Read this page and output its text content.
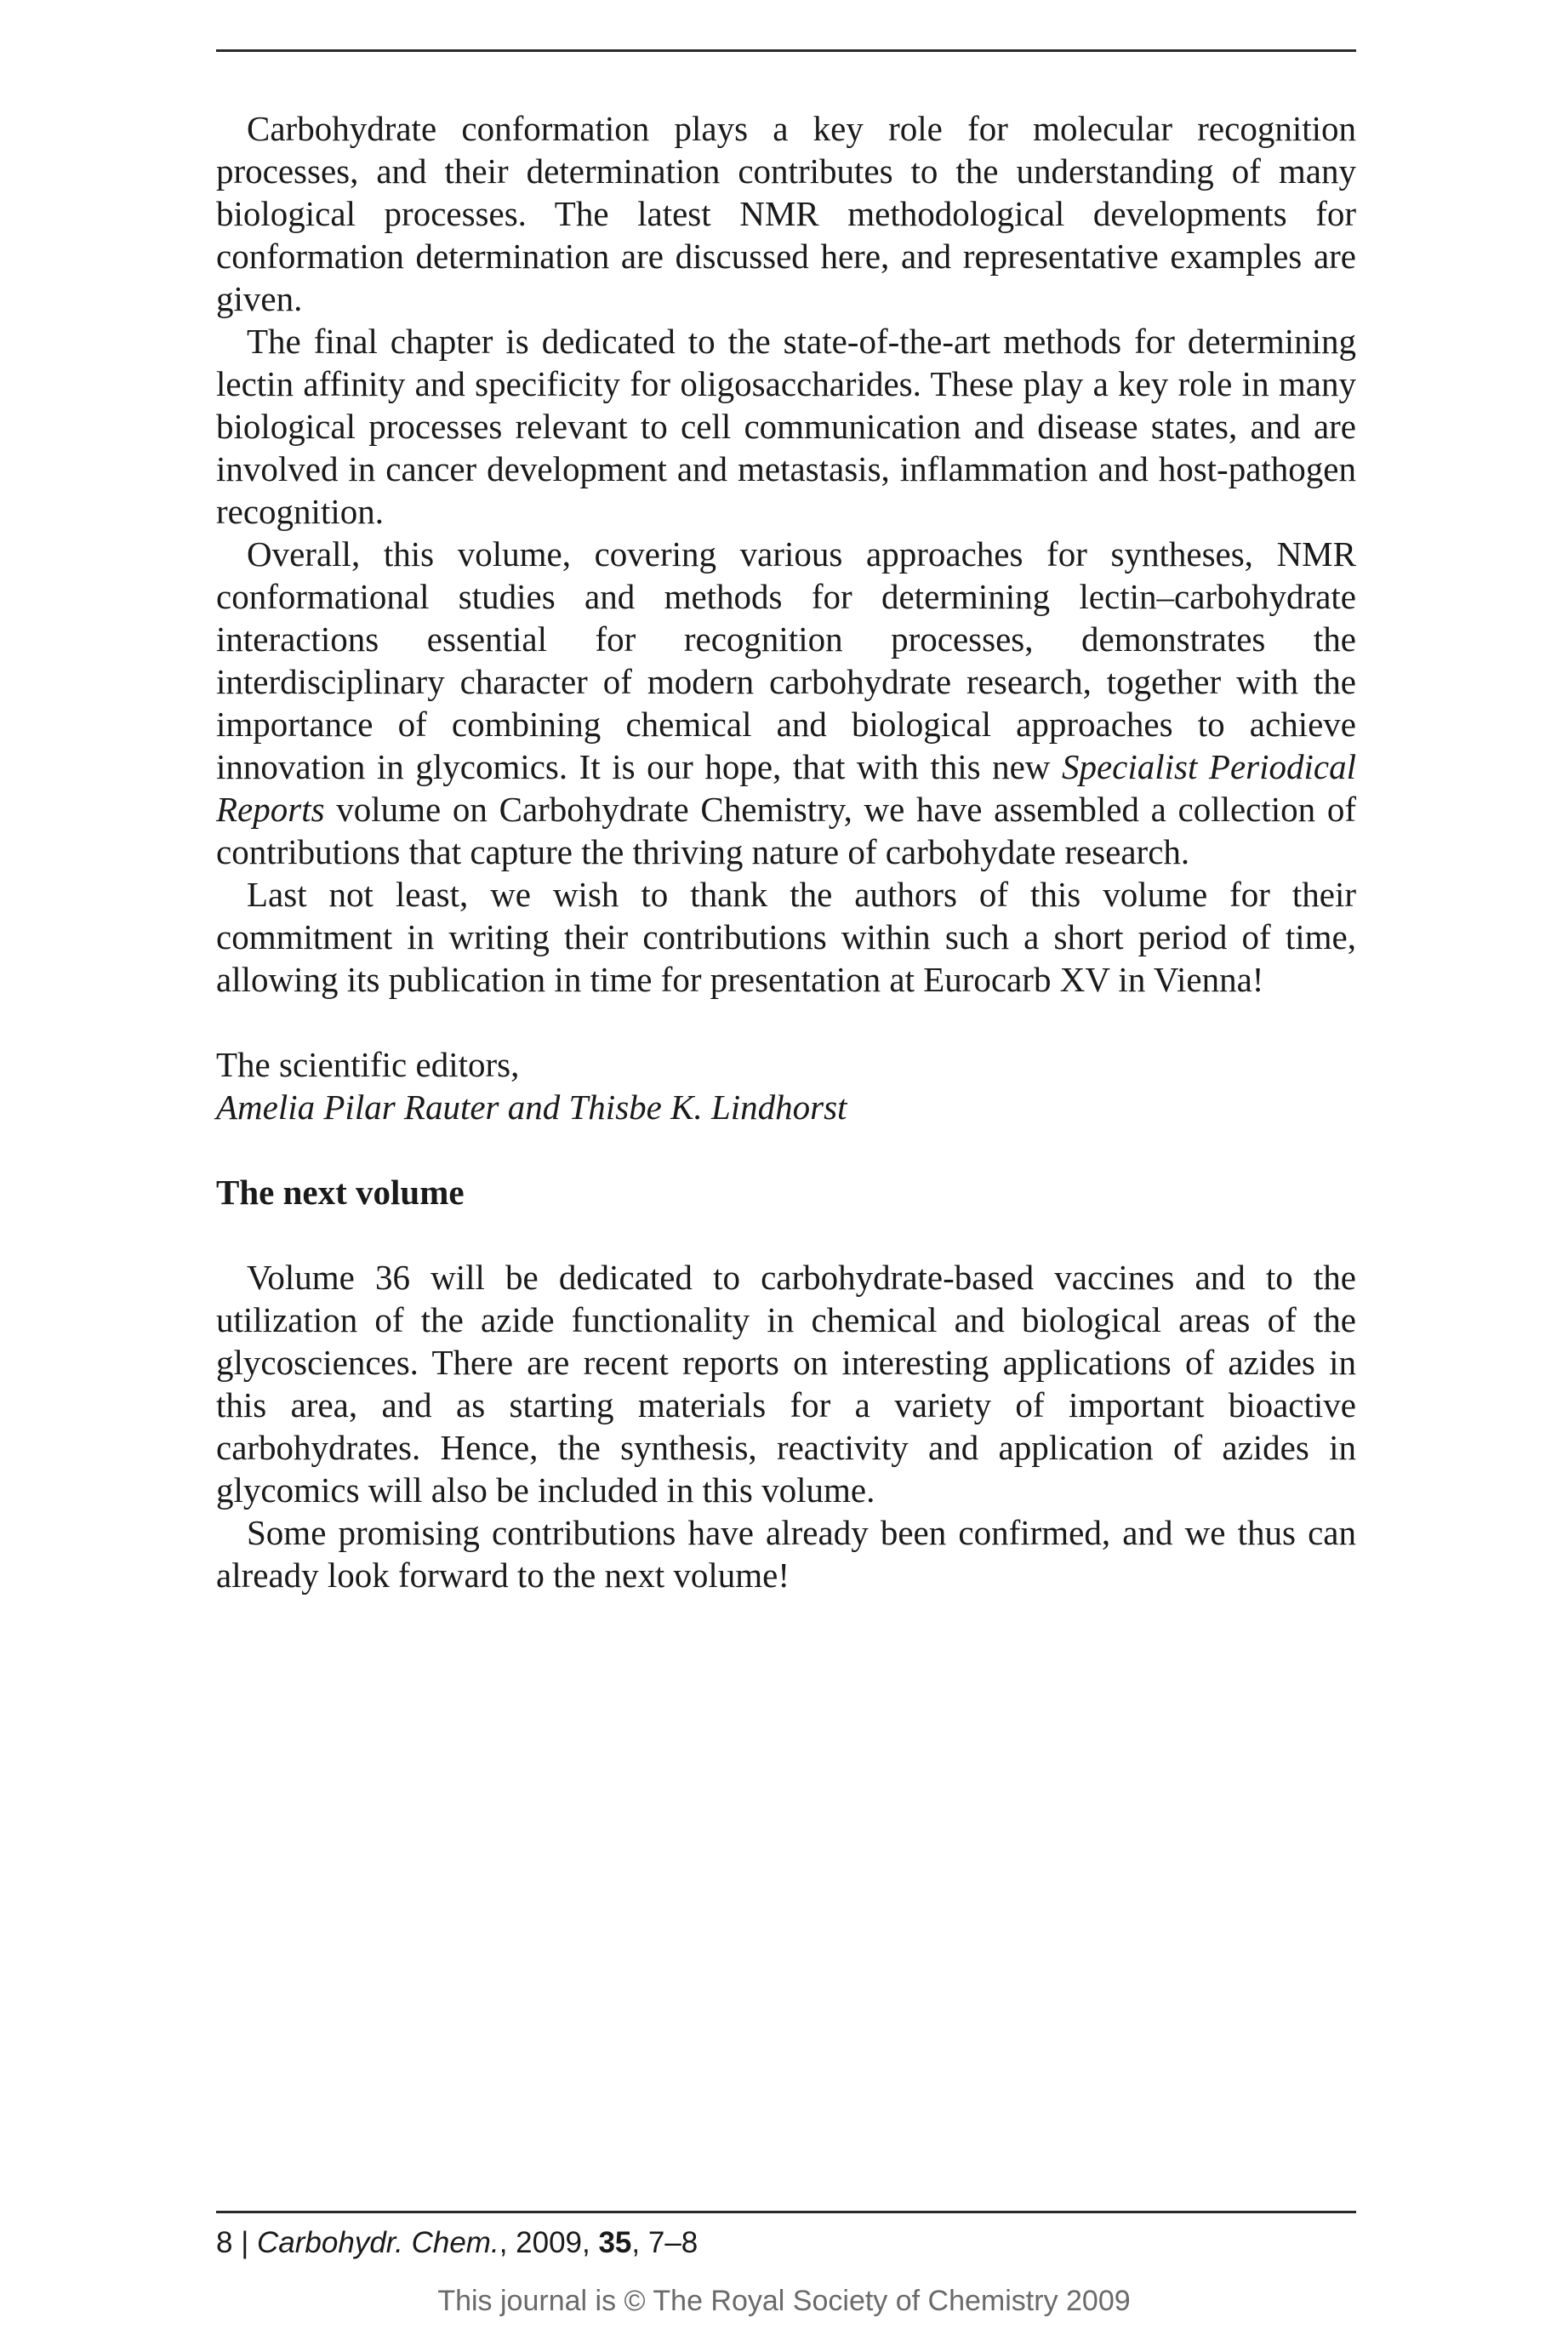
Carbohydrate conformation plays a key role for molecular recognition processes, and their determination contributes to the understanding of many biological processes. The latest NMR methodological developments for conformation determination are discussed here, and representative examples are given.

The final chapter is dedicated to the state-of-the-art methods for determining lectin affinity and specificity for oligosaccharides. These play a key role in many biological processes relevant to cell communication and disease states, and are involved in cancer development and metastasis, inflammation and host-pathogen recognition.

Overall, this volume, covering various approaches for syntheses, NMR conformational studies and methods for determining lectin–carbohydrate interactions essential for recognition processes, demonstrates the interdisciplinary character of modern carbohydrate research, together with the importance of combining chemical and biological approaches to achieve innovation in glycomics. It is our hope, that with this new Specialist Periodical Reports volume on Carbohydrate Chemistry, we have assembled a collection of contributions that capture the thriving nature of carbohydate research.

Last not least, we wish to thank the authors of this volume for their commitment in writing their contributions within such a short period of time, allowing its publication in time for presentation at Eurocarb XV in Vienna!

The scientific editors,
Amelia Pilar Rauter and Thisbe K. Lindhorst
The next volume

Volume 36 will be dedicated to carbohydrate-based vaccines and to the utilization of the azide functionality in chemical and biological areas of the glycosciences. There are recent reports on interesting applications of azides in this area, and as starting materials for a variety of important bioactive carbohydrates. Hence, the synthesis, reactivity and application of azides in glycomics will also be included in this volume.

Some promising contributions have already been confirmed, and we thus can already look forward to the next volume!

8 | Carbohydr. Chem., 2009, 35, 7–8
This journal is © The Royal Society of Chemistry 2009
